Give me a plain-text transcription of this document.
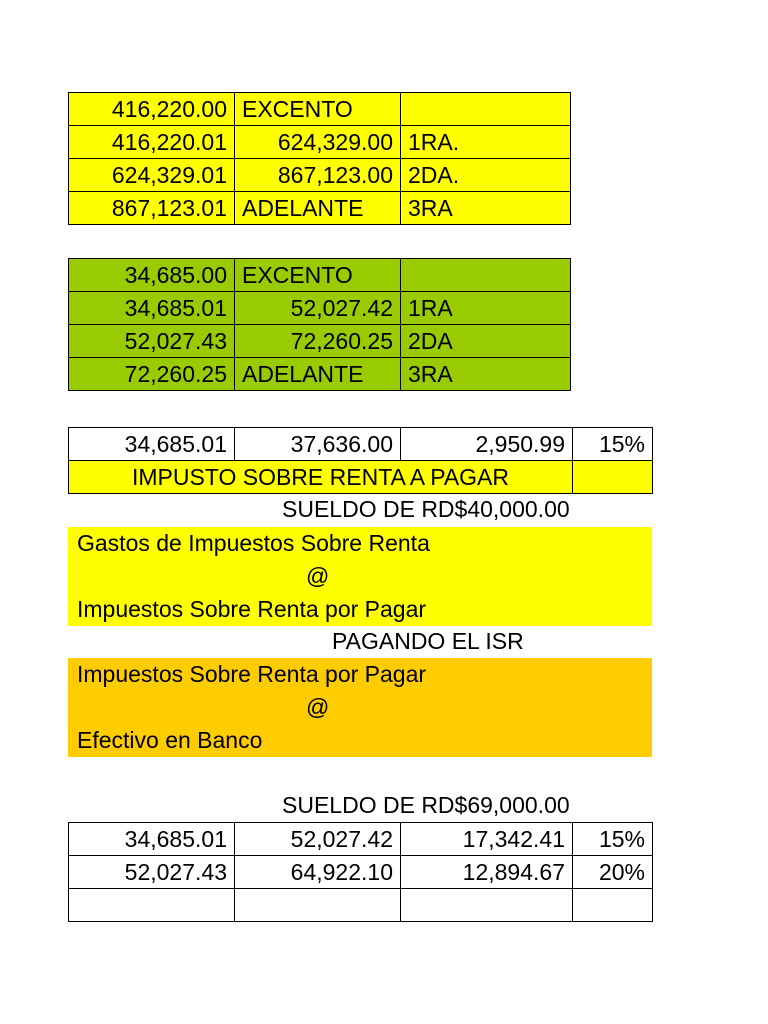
416,220.00	EXCENTO	
416,220.01	624,329.00	1RA.
624,329.01	867,123.00	2DA.
867,123.01	ADELANTE	3RA
34,685.00	EXCENTO	
34,685.01	52,027.42	1RA
52,027.43	72,260.25	2DA
72,260.25	ADELANTE	3RA
34,685.01	37,636.00	2,950.99	15%
IMPUSTO SOBRE RENTA A PAGAR			
SUELDO DE RD$40,000.00
Gastos de Impuestos Sobre Renta
@
Impuestos Sobre Renta por Pagar
PAGANDO EL ISR
Impuestos Sobre Renta por Pagar
@
Efectivo en Banco
SUELDO DE RD$69,000.00
34,685.01	52,027.42	17,342.41	15%
52,027.43	64,922.10	12,894.67	20%
